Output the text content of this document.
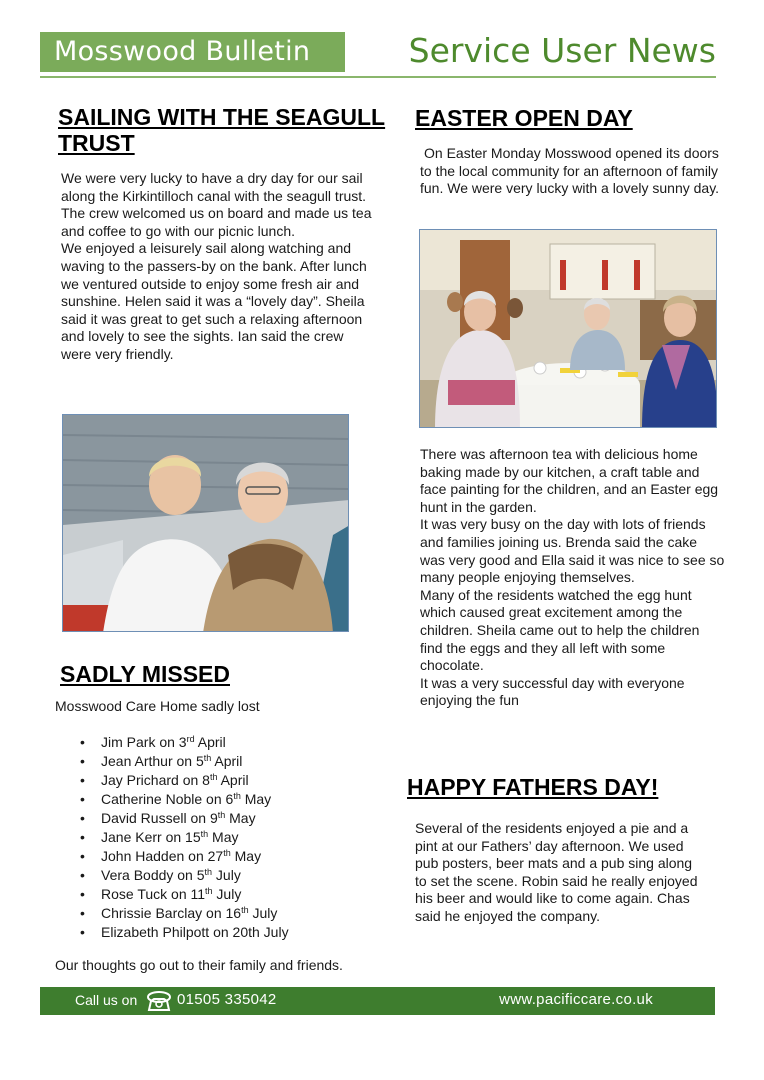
Mosswood Bulletin	Service User News
SAILING WITH THE SEAGULL TRUST
We were very lucky to have a dry day for our sail along the Kirkintilloch canal with the seagull trust. The crew welcomed us on board and made us tea and coffee to go with our picnic lunch.
We enjoyed a leisurely sail along watching and waving to the passers-by on the bank. After lunch we ventured outside to enjoy some fresh air and sunshine. Helen said it was a “lovely day”. Sheila said it was great to get such a relaxing afternoon and lovely to see the sights. Ian said the crew were very friendly.
SADLY MISSED
Mosswood Care Home sadly lost
• Jim Park on 3rd April
• Jean Arthur on 5th April
• Jay Prichard on 8th April
• Catherine Noble on 6th May
• David Russell on 9th May
• Jane Kerr on 15th May
• John Hadden on 27th May
• Vera Boddy on 5th July
• Rose Tuck on 11th July
• Chrissie Barclay on 16th July
• Elizabeth Philpott on 20th July
Our thoughts go out to their family and friends.
EASTER OPEN DAY
On Easter Monday Mosswood opened its doors to the local community for an afternoon of family fun. We were very lucky with a lovely sunny day.
There was afternoon tea with delicious home baking made by our kitchen, a craft table and face painting for the children, and an Easter egg hunt in the garden.
It was very busy on the day with lots of friends and families joining us. Brenda said the cake was very good and Ella said it was nice to see so many people enjoying themselves.
Many of the residents watched the egg hunt which caused great excitement among the children. Sheila came out to help the children find the eggs and they all left with some chocolate.
It was a very successful day with everyone enjoying the fun
HAPPY FATHERS DAY!
Several of the residents enjoyed a pie and a pint at our Fathers’ day afternoon. We used pub posters, beer mats and a pub sing along to set the scene. Robin said he really enjoyed his beer and would like to come again. Chas said he enjoyed the company.
Call us on	01505 335042	www.pacificcare.co.uk
